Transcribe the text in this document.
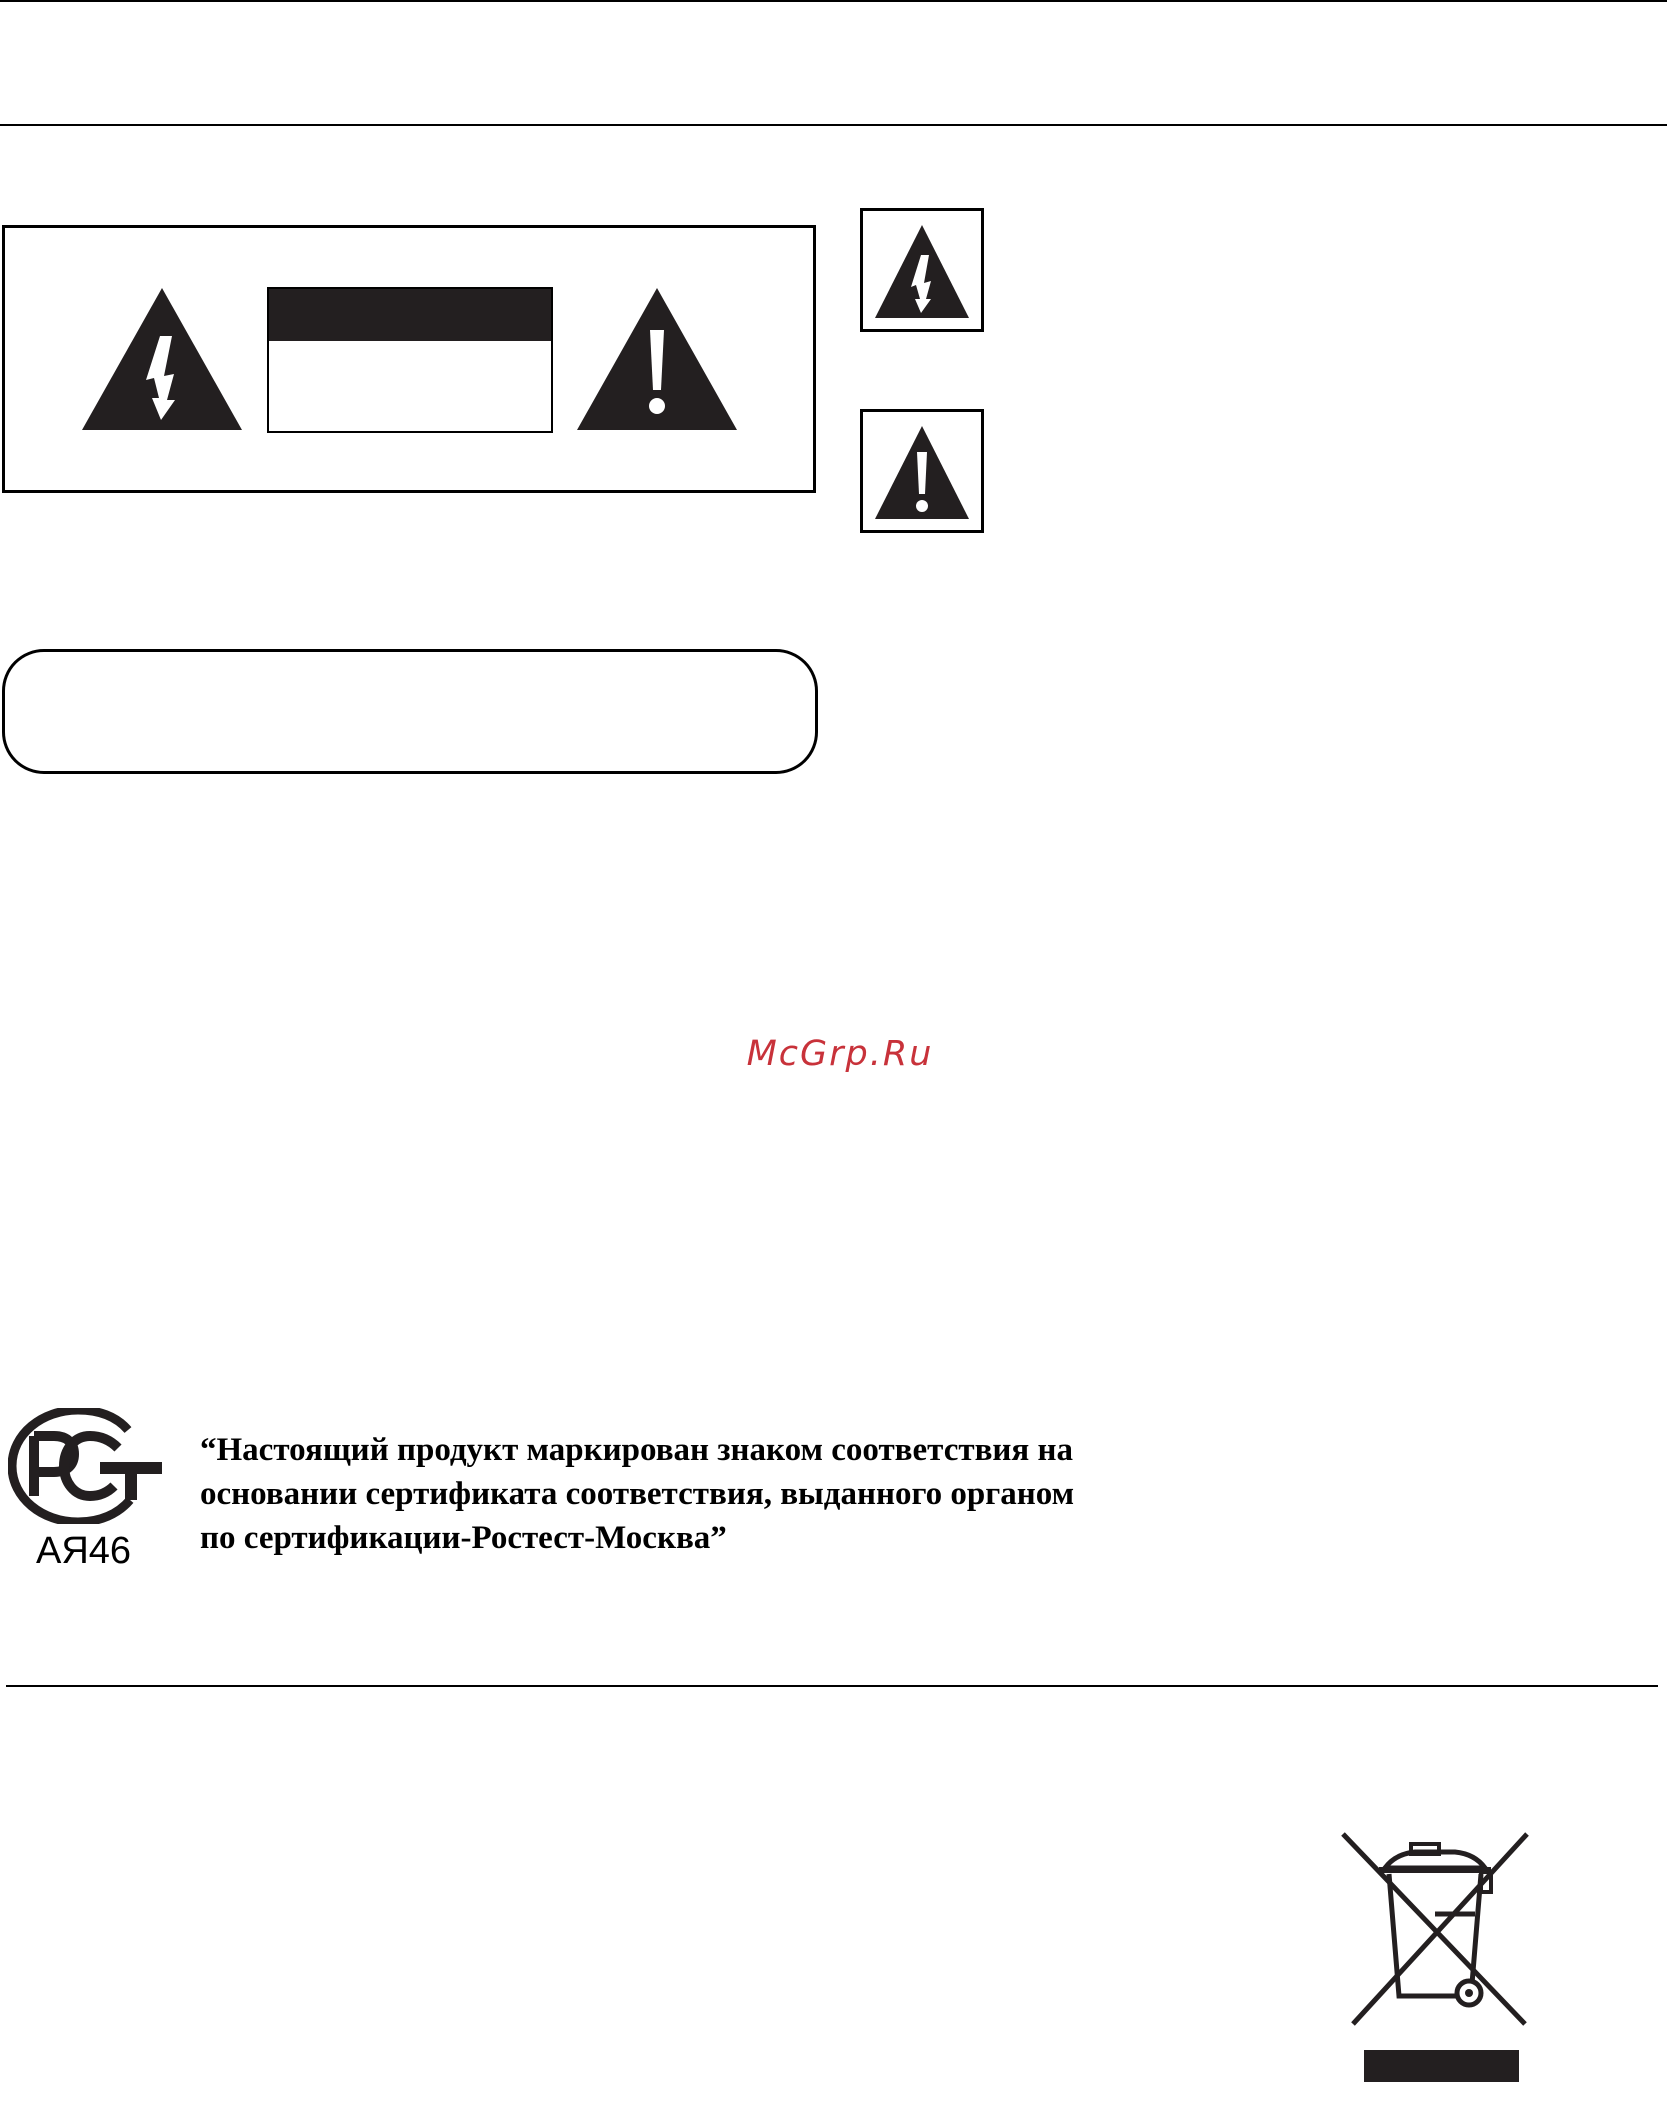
McGrp.Ru
АЯ46
“Настоящий продукт маркирован знаком соответствия на
основании сертификата соответствия, выданного органом
по сертификации-Ростест-Москва”
